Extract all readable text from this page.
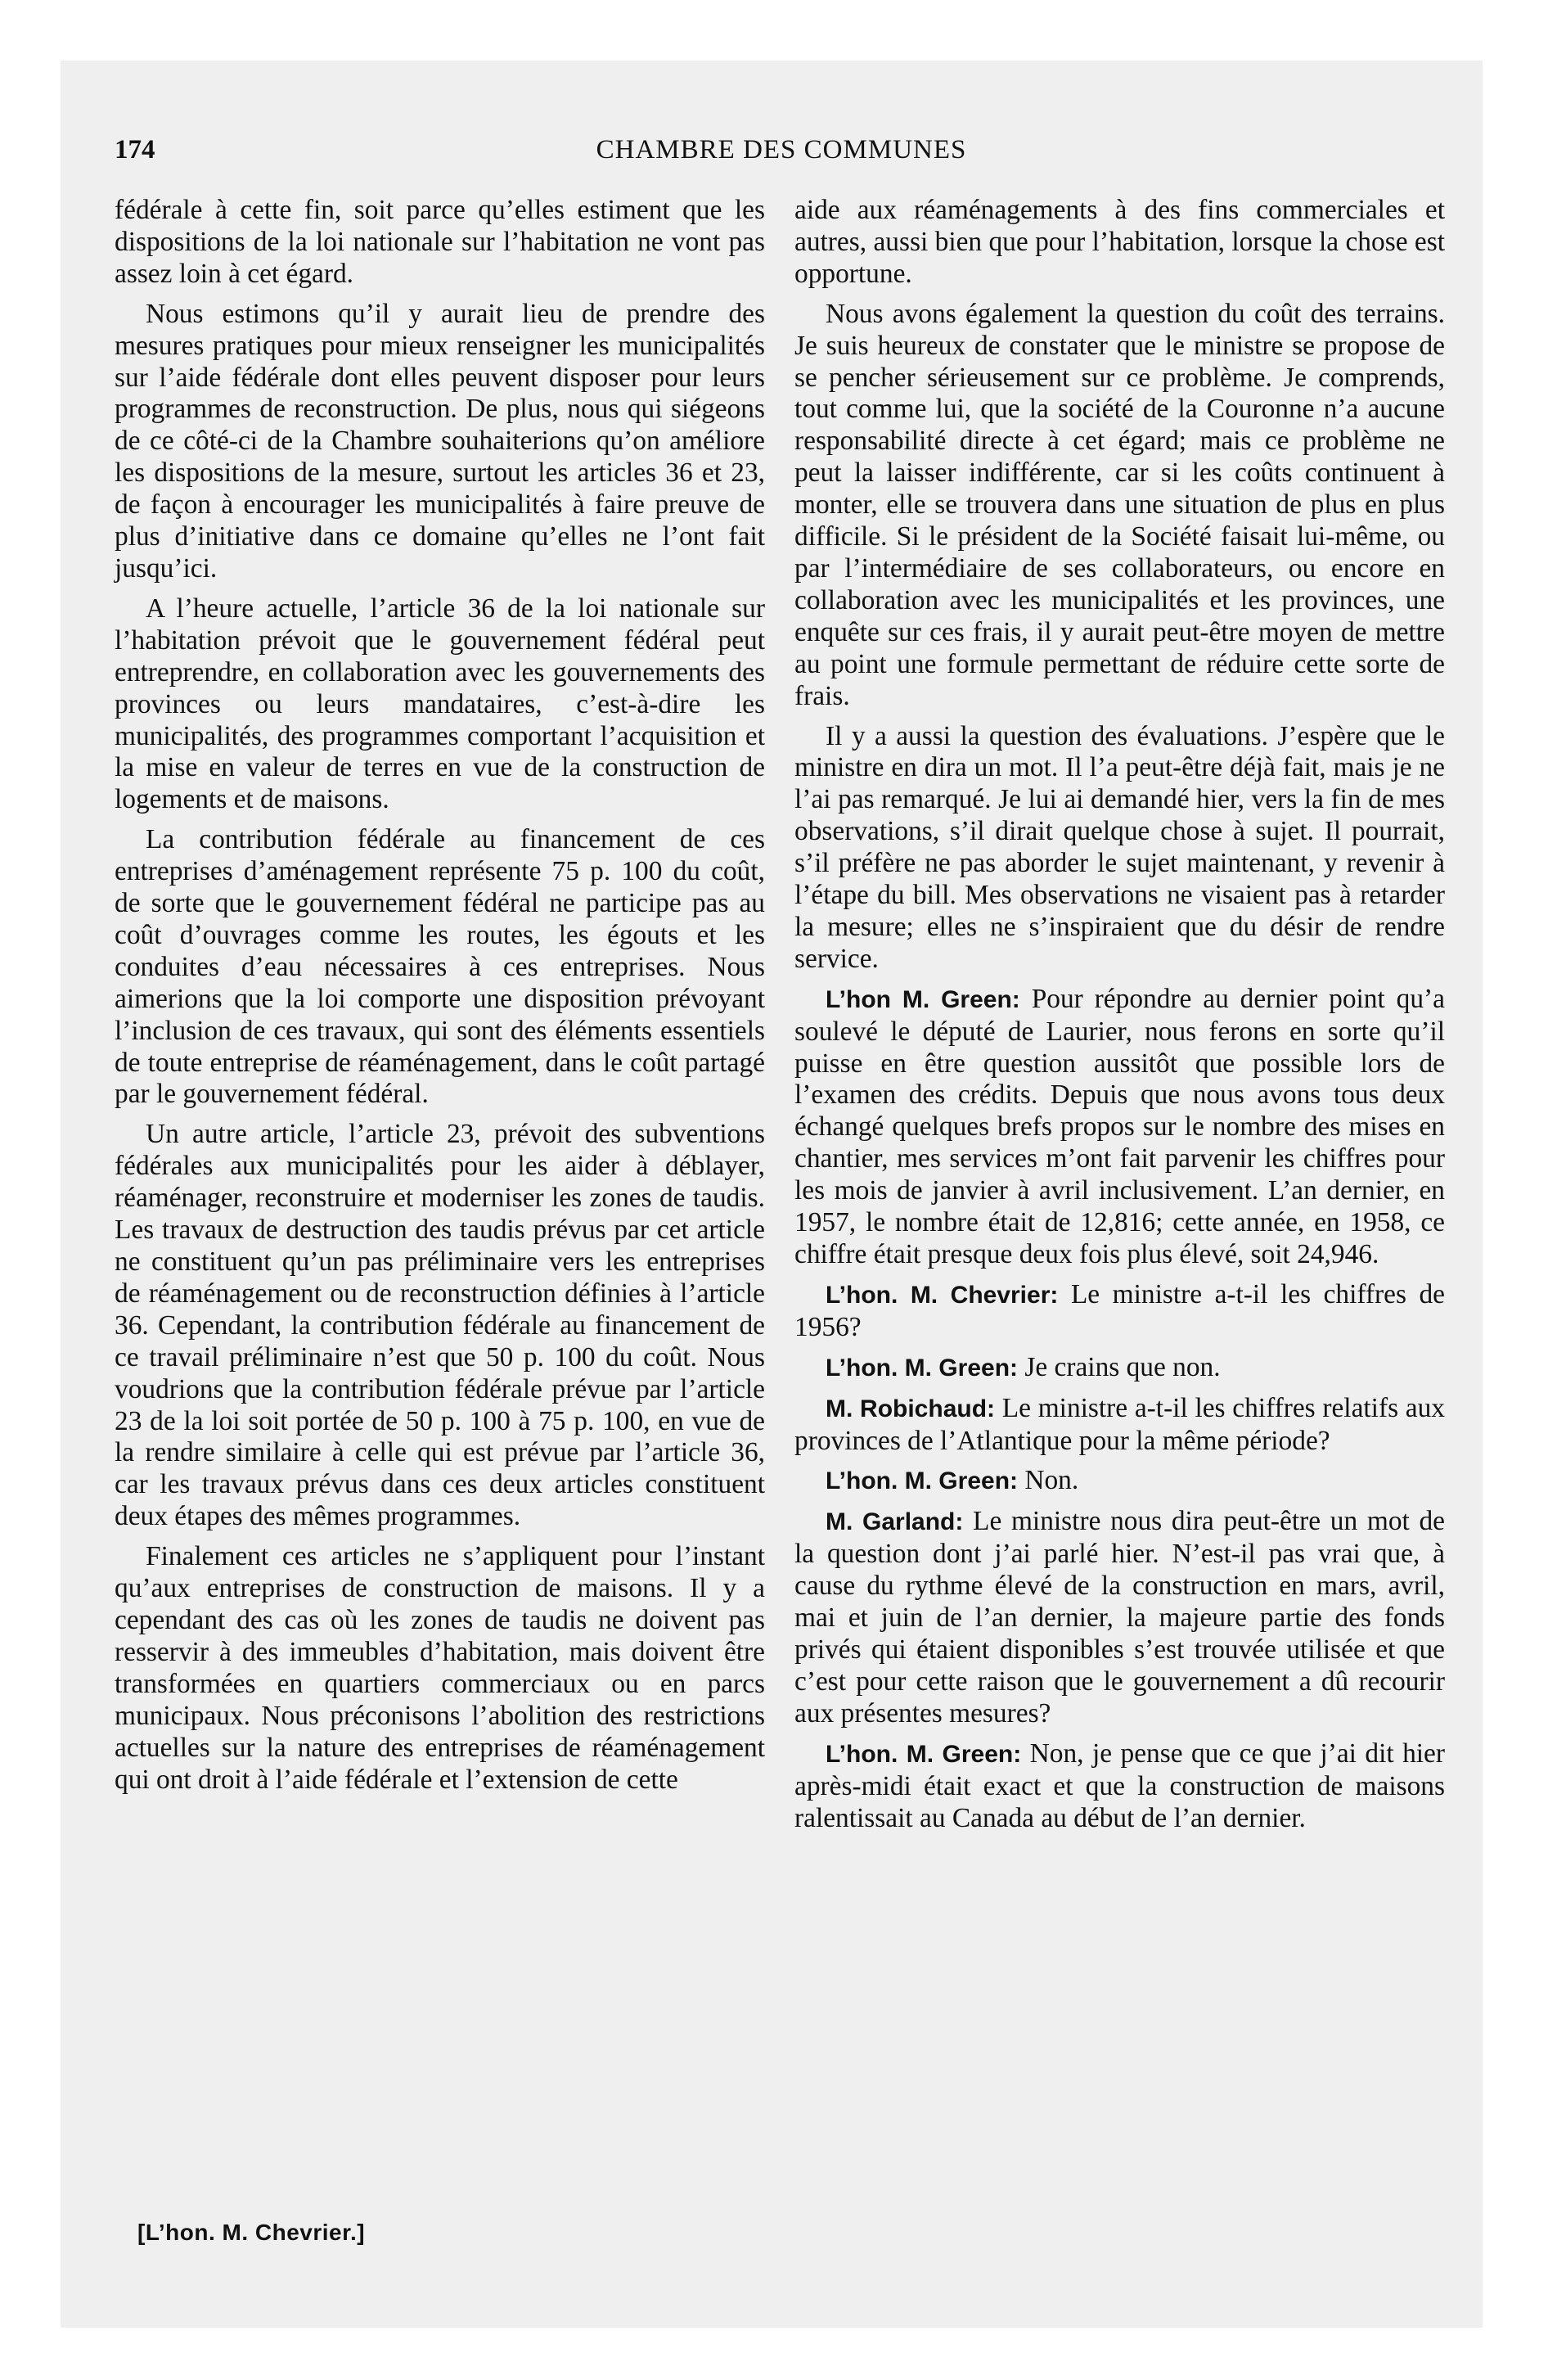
174	CHAMBRE DES COMMUNES

fédérale à cette fin, soit parce qu’elles estiment que les dispositions de la loi nationale sur l’habitation ne vont pas assez loin à cet égard.

Nous estimons qu’il y aurait lieu de prendre des mesures pratiques pour mieux renseigner les municipalités sur l’aide fédérale dont elles peuvent disposer pour leurs programmes de reconstruction. De plus, nous qui siégeons de ce côté-ci de la Chambre souhaiterions qu’on améliore les dispositions de la mesure, surtout les articles 36 et 23, de façon à encourager les municipalités à faire preuve de plus d’initiative dans ce domaine qu’elles ne l’ont fait jusqu’ici.

A l’heure actuelle, l’article 36 de la loi nationale sur l’habitation prévoit que le gouvernement fédéral peut entreprendre, en collaboration avec les gouvernements des provinces ou leurs mandataires, c’est-à-dire les municipalités, des programmes comportant l’acquisition et la mise en valeur de terres en vue de la construction de logements et de maisons.

La contribution fédérale au financement de ces entreprises d’aménagement représente 75 p. 100 du coût, de sorte que le gouvernement fédéral ne participe pas au coût d’ouvrages comme les routes, les égouts et les conduites d’eau nécessaires à ces entreprises. Nous aimerions que la loi comporte une disposition prévoyant l’inclusion de ces travaux, qui sont des éléments essentiels de toute entreprise de réaménagement, dans le coût partagé par le gouvernement fédéral.

Un autre article, l’article 23, prévoit des subventions fédérales aux municipalités pour les aider à déblayer, réaménager, reconstruire et moderniser les zones de taudis. Les travaux de destruction des taudis prévus par cet article ne constituent qu’un pas préliminaire vers les entreprises de réaménagement ou de reconstruction définies à l’article 36. Cependant, la contribution fédérale au financement de ce travail préliminaire n’est que 50 p. 100 du coût. Nous voudrions que la contribution fédérale prévue par l’article 23 de la loi soit portée de 50 p. 100 à 75 p. 100, en vue de la rendre similaire à celle qui est prévue par l’article 36, car les travaux prévus dans ces deux articles constituent deux étapes des mêmes programmes.

Finalement ces articles ne s’appliquent pour l’instant qu’aux entreprises de construction de maisons. Il y a cependant des cas où les zones de taudis ne doivent pas resservir à des immeubles d’habitation, mais doivent être transformées en quartiers commerciaux ou en parcs municipaux. Nous préconisons l’abolition des restrictions actuelles sur la nature des entreprises de réaménagement qui ont droit à l’aide fédérale et l’extension de cette

[L’hon. M. Chevrier.]

aide aux réaménagements à des fins commerciales et autres, aussi bien que pour l’habitation, lorsque la chose est opportune.

Nous avons également la question du coût des terrains. Je suis heureux de constater que le ministre se propose de se pencher sérieusement sur ce problème. Je comprends, tout comme lui, que la société de la Couronne n’a aucune responsabilité directe à cet égard; mais ce problème ne peut la laisser indifférente, car si les coûts continuent à monter, elle se trouvera dans une situation de plus en plus difficile. Si le président de la Société faisait lui-même, ou par l’intermédiaire de ses collaborateurs, ou encore en collaboration avec les municipalités et les provinces, une enquête sur ces frais, il y aurait peut-être moyen de mettre au point une formule permettant de réduire cette sorte de frais.

Il y a aussi la question des évaluations. J’espère que le ministre en dira un mot. Il l’a peut-être déjà fait, mais je ne l’ai pas remarqué. Je lui ai demandé hier, vers la fin de mes observations, s’il dirait quelque chose à sujet. Il pourrait, s’il préfère ne pas aborder le sujet maintenant, y revenir à l’étape du bill. Mes observations ne visaient pas à retarder la mesure; elles ne s’inspiraient que du désir de rendre service.

L’hon M. Green: Pour répondre au dernier point qu’a soulevé le député de Laurier, nous ferons en sorte qu’il puisse en être question aussitôt que possible lors de l’examen des crédits. Depuis que nous avons tous deux échangé quelques brefs propos sur le nombre des mises en chantier, mes services m’ont fait parvenir les chiffres pour les mois de janvier à avril inclusivement. L’an dernier, en 1957, le nombre était de 12,816; cette année, en 1958, ce chiffre était presque deux fois plus élevé, soit 24,946.

L’hon. M. Chevrier: Le ministre a-t-il les chiffres de 1956?

L’hon. M. Green: Je crains que non.

M. Robichaud: Le ministre a-t-il les chiffres relatifs aux provinces de l’Atlantique pour la même période?

L’hon. M. Green: Non.

M. Garland: Le ministre nous dira peut-être un mot de la question dont j’ai parlé hier. N’est-il pas vrai que, à cause du rythme élevé de la construction en mars, avril, mai et juin de l’an dernier, la majeure partie des fonds privés qui étaient disponibles s’est trouvée utilisée et que c’est pour cette raison que le gouvernement a dû recourir aux présentes mesures?

L’hon. M. Green: Non, je pense que ce que j’ai dit hier après-midi était exact et que la construction de maisons ralentissait au Canada au début de l’an dernier.
